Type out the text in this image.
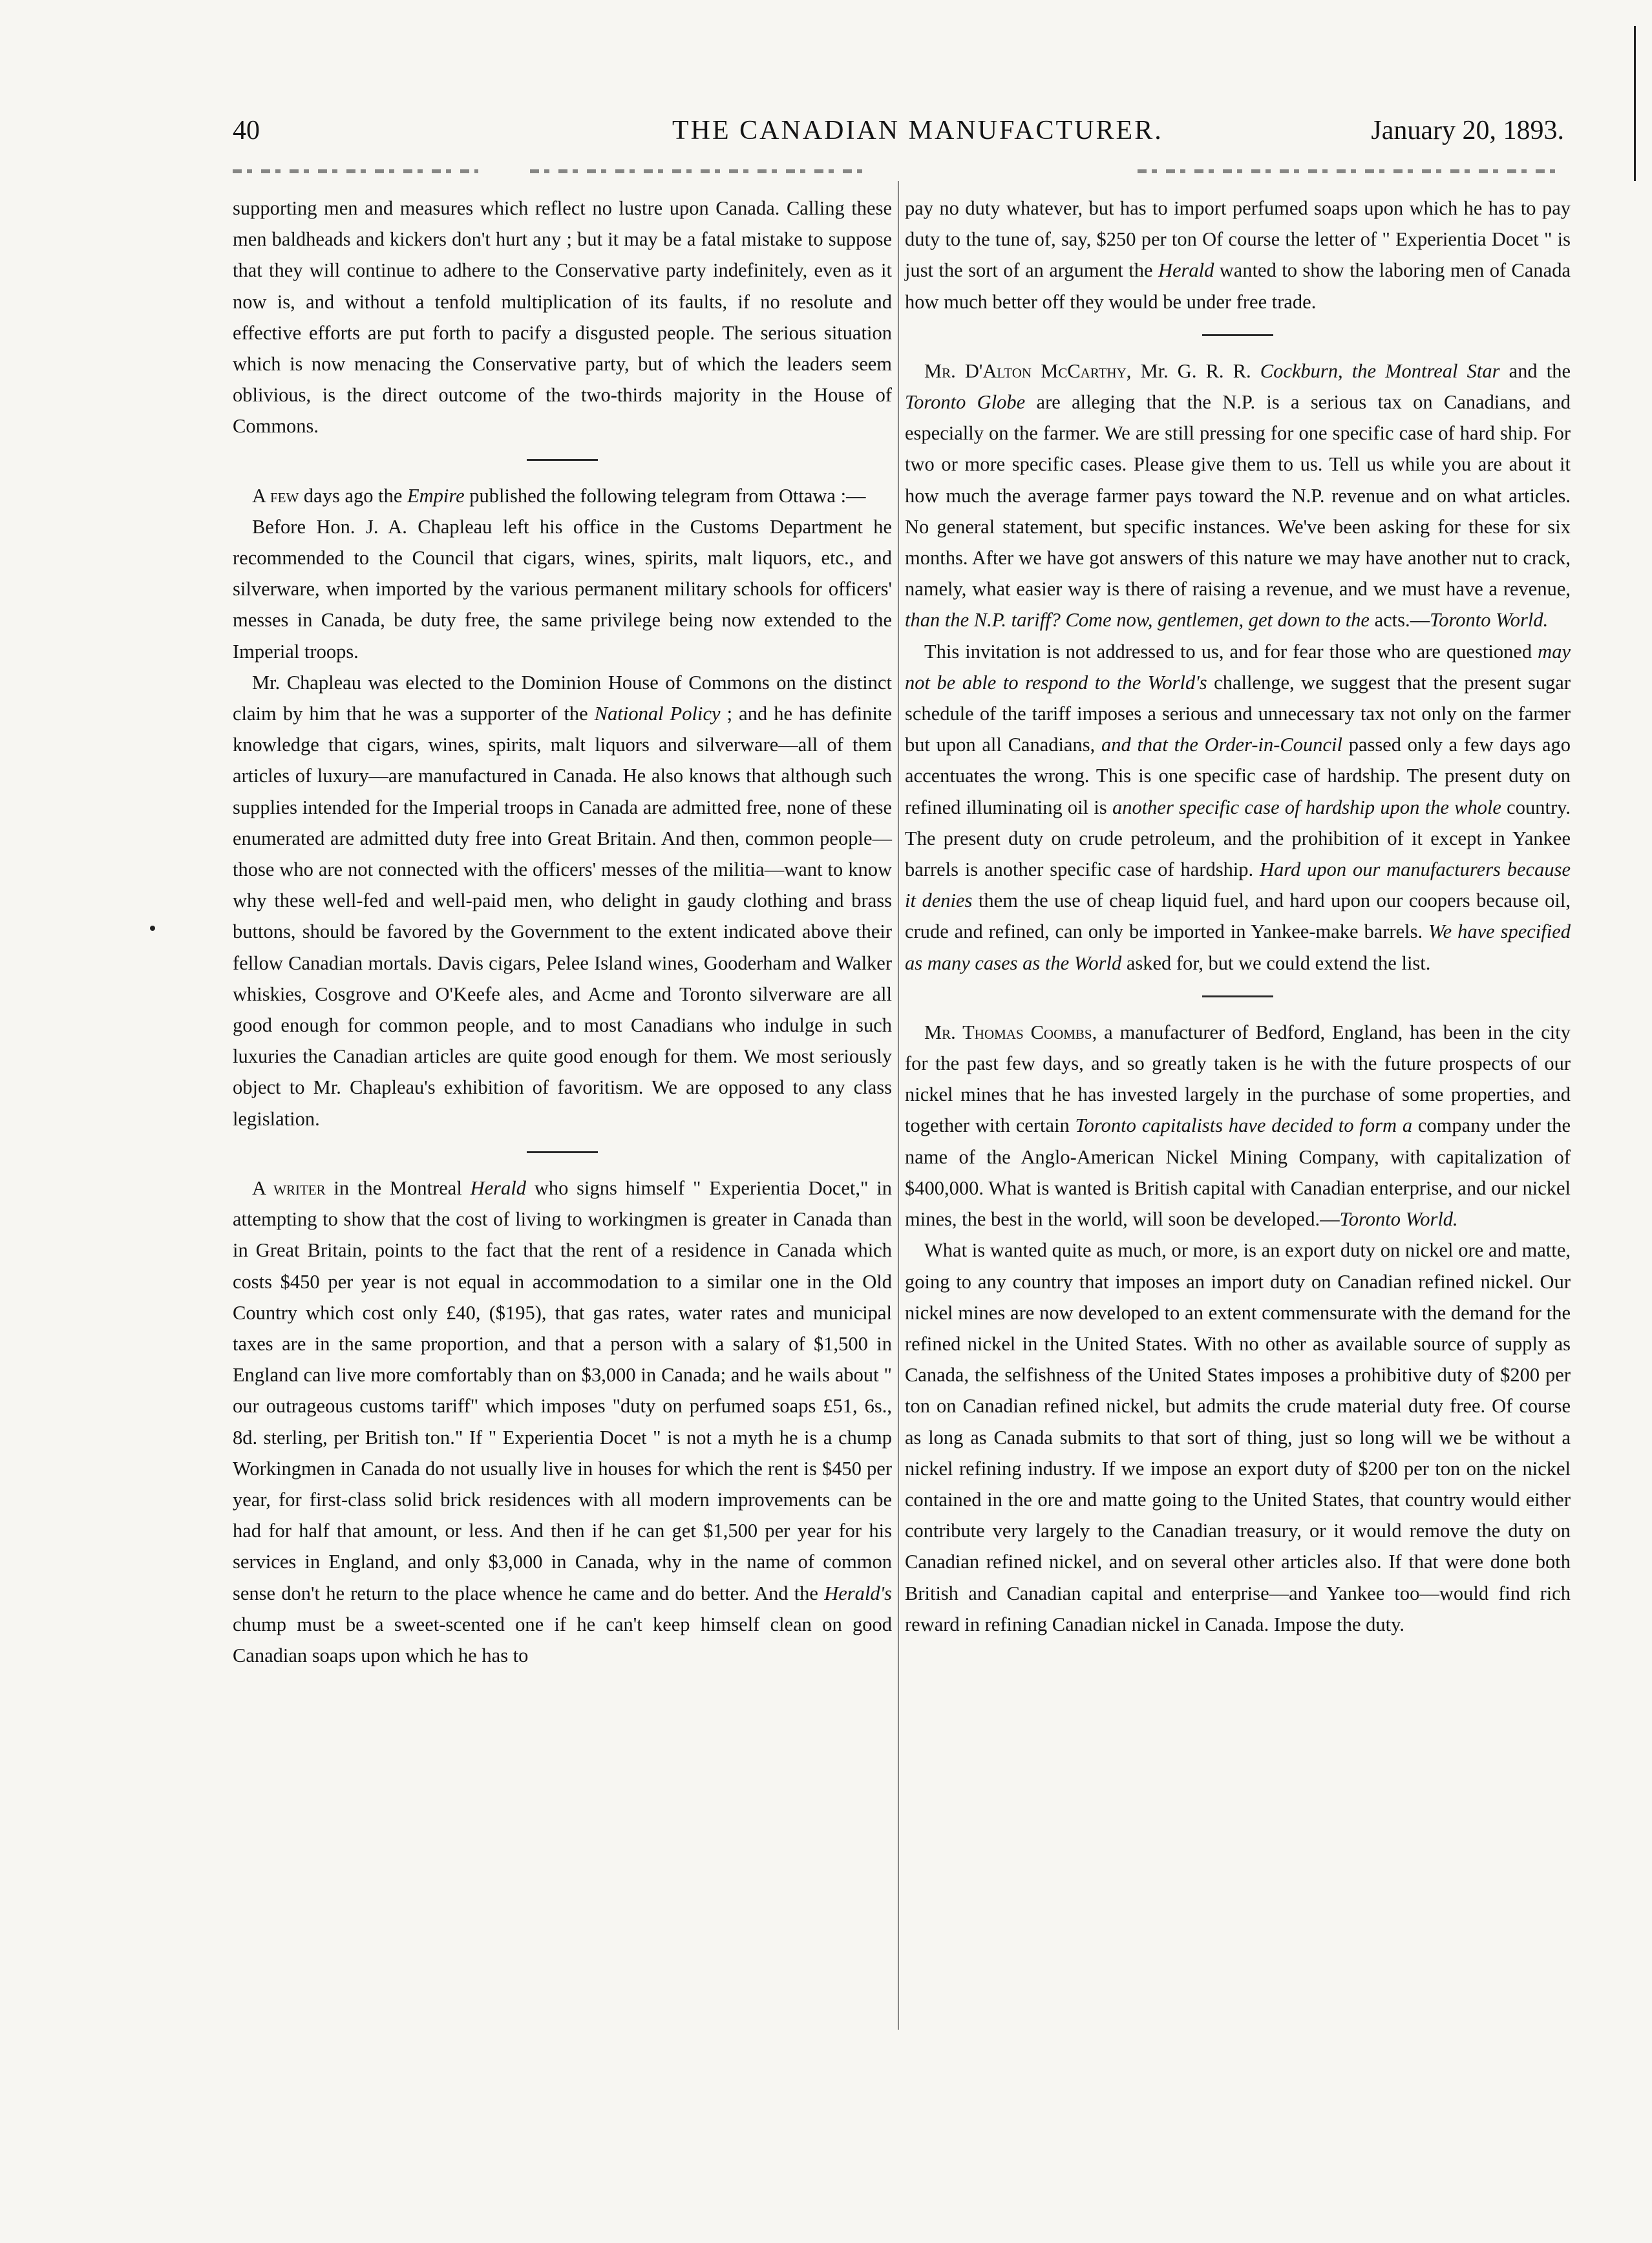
40	THE CANADIAN MANUFACTURER.	January 20, 1893.

supporting men and measures which reflect no lustre upon Canada. Calling these men baldheads and kickers don't hurt any ; but it may be a fatal mistake to suppose that they will continue to adhere to the Conservative party indefinitely, even as it now is, and without a tenfold multiplication of its faults, if no resolute and effective efforts are put forth to pacify a disgusted people. The serious situation which is now menacing the Conservative party, but of which the leaders seem oblivious, is the direct outcome of the two-thirds majority in the House of Commons.

A few days ago the Empire published the following telegram from Ottawa :—

Before Hon. J. A. Chapleau left his office in the Customs Department he recommended to the Council that cigars, wines, spirits, malt liquors, etc., and silverware, when imported by the various permanent military schools for officers' messes in Canada, be duty free, the same privilege being now extended to the Imperial troops.

Mr. Chapleau was elected to the Dominion House of Commons on the distinct claim by him that he was a supporter of the National Policy ; and he has definite knowledge that cigars, wines, spirits, malt liquors and silverware—all of them articles of luxury—are manufactured in Canada. He also knows that although such supplies intended for the Imperial troops in Canada are admitted free, none of these enumerated are admitted duty free into Great Britain. And then, common people—those who are not connected with the officers' messes of the militia—want to know why these well-fed and well-paid men, who delight in gaudy clothing and brass buttons, should be favored by the Government to the extent indicated above their fellow Canadian mortals. Davis cigars, Pelee Island wines, Gooderham and Walker whiskies, Cosgrove and O'Keefe ales, and Acme and Toronto silverware are all good enough for common people, and to most Canadians who indulge in such luxuries the Canadian articles are quite good enough for them. We most seriously object to Mr. Chapleau's exhibition of favoritism. We are opposed to any class legislation.

A writer in the Montreal Herald who signs himself " Experientia Docet," in attempting to show that the cost of living to workingmen is greater in Canada than in Great Britain, points to the fact that the rent of a residence in Canada which costs $450 per year is not equal in accommodation to a similar one in the Old Country which cost only £40, ($195), that gas rates, water rates and municipal taxes are in the same proportion, and that a person with a salary of $1,500 in England can live more comfortably than on $3,000 in Canada; and he wails about " our outrageous customs tariff" which imposes "duty on perfumed soaps £51, 6s., 8d. sterling, per British ton." If " Experientia Docet " is not a myth he is a chump Workingmen in Canada do not usually live in houses for which the rent is $450 per year, for first-class solid brick residences with all modern improvements can be had for half that amount, or less. And then if he can get $1,500 per year for his services in England, and only $3,000 in Canada, why in the name of common sense don't he return to the place whence he came and do better. And the Herald's chump must be a sweet-scented one if he can't keep himself clean on good Canadian soaps upon which he has to

pay no duty whatever, but has to import perfumed soaps upon which he has to pay duty to the tune of, say, $250 per ton Of course the letter of " Experientia Docet " is just the sort of an argument the Herald wanted to show the laboring men of Canada how much better off they would be under free trade.

Mr. D'Alton McCarthy, Mr. G. R. R. Cockburn, the Montreal Star and the Toronto Globe are alleging that the N.P. is a serious tax on Canadians, and especially on the farmer. We are still pressing for one specific case of hard ship. For two or more specific cases. Please give them to us. Tell us while you are about it how much the average farmer pays toward the N.P. revenue and on what articles. No general statement, but specific instances. We've been asking for these for six months. After we have got answers of this nature we may have another nut to crack, namely, what easier way is there of raising a revenue, and we must have a revenue, than the N.P. tariff? Come now, gentlemen, get down to the acts.—Toronto World.

This invitation is not addressed to us, and for fear those who are questioned may not be able to respond to the World's challenge, we suggest that the present sugar schedule of the tariff imposes a serious and unnecessary tax not only on the farmer but upon all Canadians, and that the Order-in-Council passed only a few days ago accentuates the wrong. This is one specific case of hardship. The present duty on refined illuminating oil is another specific case of hardship upon the whole country. The present duty on crude petroleum, and the prohibition of it except in Yankee barrels is another specific case of hardship. Hard upon our manufacturers because it denies them the use of cheap liquid fuel, and hard upon our coopers because oil, crude and refined, can only be imported in Yankee-make barrels. We have specified as many cases as the World asked for, but we could extend the list.

Mr. Thomas Coombs, a manufacturer of Bedford, England, has been in the city for the past few days, and so greatly taken is he with the future prospects of our nickel mines that he has invested largely in the purchase of some properties, and together with certain Toronto capitalists have decided to form a company under the name of the Anglo-American Nickel Mining Company, with capitalization of $400,000. What is wanted is British capital with Canadian enterprise, and our nickel mines, the best in the world, will soon be developed.—Toronto World.

What is wanted quite as much, or more, is an export duty on nickel ore and matte, going to any country that imposes an import duty on Canadian refined nickel. Our nickel mines are now developed to an extent commensurate with the demand for the refined nickel in the United States. With no other as available source of supply as Canada, the selfishness of the United States imposes a prohibitive duty of $200 per ton on Canadian refined nickel, but admits the crude material duty free. Of course as long as Canada submits to that sort of thing, just so long will we be without a nickel refining industry. If we impose an export duty of $200 per ton on the nickel contained in the ore and matte going to the United States, that country would either contribute very largely to the Canadian treasury, or it would remove the duty on Canadian refined nickel, and on several other articles also. If that were done both British and Canadian capital and enterprise—and Yankee too—would find rich reward in refining Canadian nickel in Canada. Impose the duty.
